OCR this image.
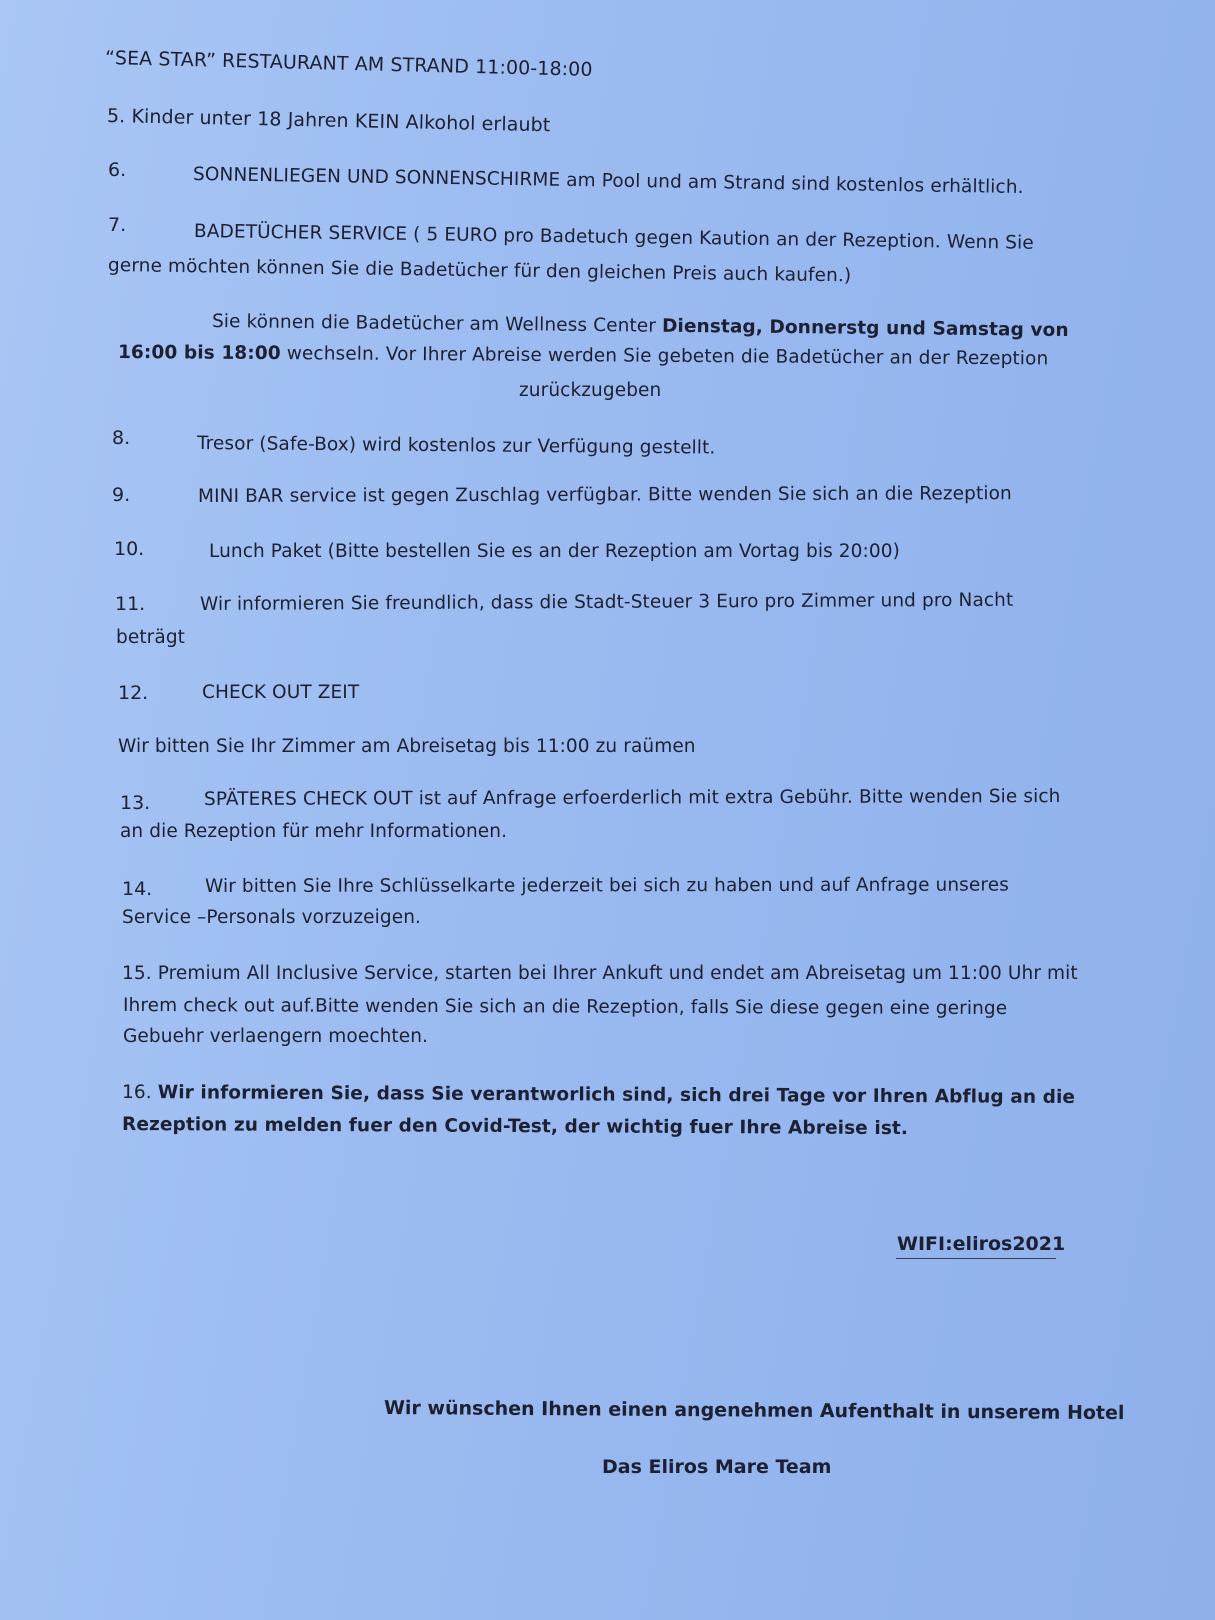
“SEA STAR” RESTAURANT AM STRAND 11:00-18:00
5. Kinder unter 18 Jahren KEIN Alkohol erlaubt
6.	SONNENLIEGEN UND SONNENSCHIRME am Pool und am Strand sind kostenlos erhältlich.
7.	BADETÜCHER SERVICE ( 5 EURO pro Badetuch gegen Kaution an der Rezeption. Wenn Sie
gerne möchten können Sie die Badetücher für den gleichen Preis auch kaufen.)
Sie können die Badetücher am Wellness Center Dienstag, Donnerstg und Samstag von
16:00 bis 18:00 wechseln. Vor Ihrer Abreise werden Sie gebeten die Badetücher an der Rezeption
zurückzugeben
8.	Tresor (Safe-Box) wird kostenlos zur Verfügung gestellt.
9.	MINI BAR service ist gegen Zuschlag verfügbar. Bitte wenden Sie sich an die Rezeption
10.	Lunch Paket (Bitte bestellen Sie es an der Rezeption am Vortag bis 20:00)
11.	Wir informieren Sie freundlich, dass die Stadt-Steuer 3 Euro pro Zimmer und pro Nacht
beträgt
12.	CHECK OUT ZEIT
Wir bitten Sie Ihr Zimmer am Abreisetag bis 11:00 zu raümen
13.	SPÄTERES CHECK OUT ist auf Anfrage erfoerderlich mit extra Gebühr. Bitte wenden Sie sich
an die Rezeption für mehr Informationen.
14.	Wir bitten Sie Ihre Schlüsselkarte jederzeit bei sich zu haben und auf Anfrage unseres
Service –Personals vorzuzeigen.
15. Premium All Inclusive Service, starten bei Ihrer Ankuft und endet am Abreisetag um 11:00 Uhr mit
Ihrem check out auf.Bitte wenden Sie sich an die Rezeption, falls Sie diese gegen eine geringe
Gebuehr verlaengern moechten.
16. Wir informieren Sie, dass Sie verantworlich sind, sich drei Tage vor Ihren Abflug an die
Rezeption zu melden fuer den Covid-Test, der wichtig fuer Ihre Abreise ist.
WIFI:eliros2021
Wir wünschen Ihnen einen angenehmen Aufenthalt in unserem Hotel
Das Eliros Mare Team
